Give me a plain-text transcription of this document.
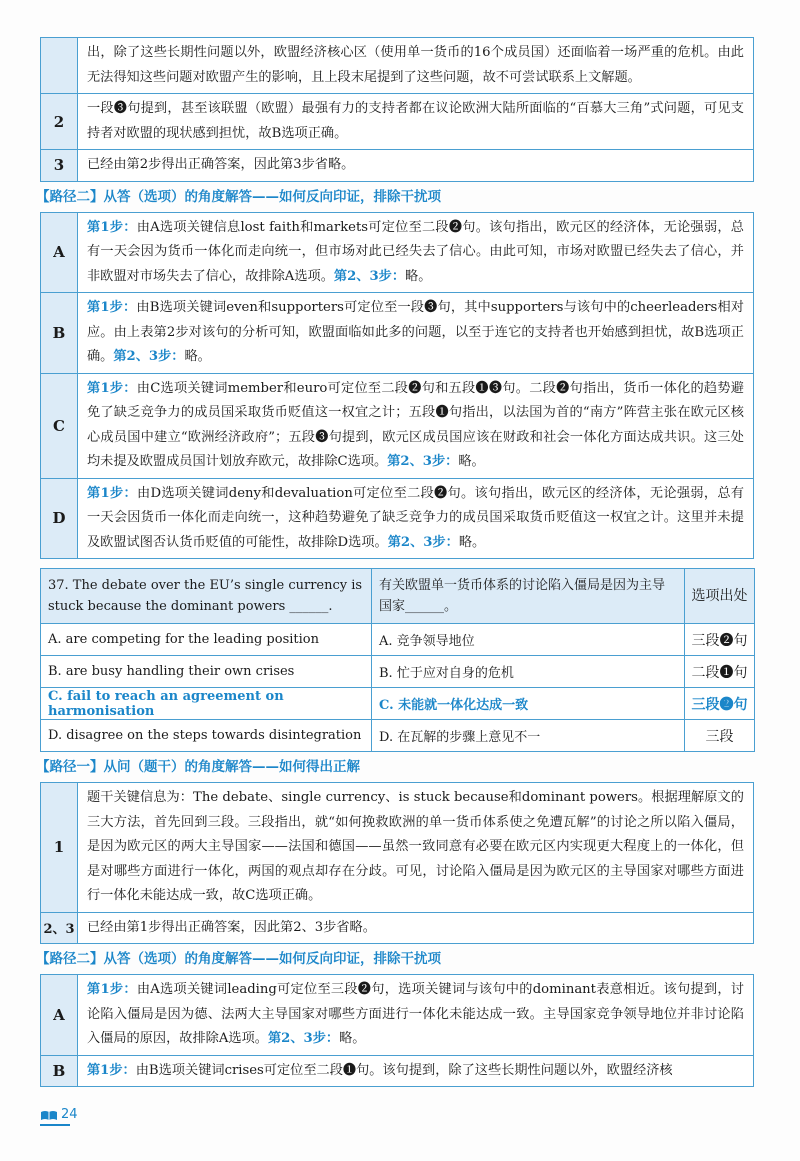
	出，除了这些长期性问题以外，欧盟经济核心区（使用单一货币的16个成员国）还面临着一场严重的危机。由此无法得知这些问题对欧盟产生的影响，且上段末尾提到了这些问题，故不可尝试联系上文解题。
2	一段❸句提到，甚至该联盟（欧盟）最强有力的支持者都在议论欧洲大陆所面临的“百慕大三角”式问题，可见支持者对欧盟的现状感到担忧，故B选项正确。
3	已经由第2步得出正确答案，因此第3步省略。
【路径二】从答（选项）的角度解答——如何反向印证，排除干扰项
A	第1步：由A选项关键信息lost faith和markets可定位至二段❷句。该句指出，欧元区的经济体，无论强弱，总有一天会因为货币一体化而走向统一，但市场对此已经失去了信心。由此可知，市场对欧盟已经失去了信心，并非欧盟对市场失去了信心，故排除A选项。第2、3步：略。
B	第1步：由B选项关键词even和supporters可定位至一段❸句，其中supporters与该句中的cheerleaders相对应。由上表第2步对该句的分析可知，欧盟面临如此多的问题，以至于连它的支持者也开始感到担忧，故B选项正确。第2、3步：略。
C	第1步：由C选项关键词member和euro可定位至二段❷句和五段❶❸句。二段❷句指出，货币一体化的趋势避免了缺乏竞争力的成员国采取货币贬值这一权宜之计；五段❶句指出，以法国为首的“南方”阵营主张在欧元区核心成员国中建立“欧洲经济政府”；五段❸句提到，欧元区成员国应该在财政和社会一体化方面达成共识。这三处均未提及欧盟成员国计划放弃欧元，故排除C选项。第2、3步：略。
D	第1步：由D选项关键词deny和devaluation可定位至二段❷句。该句指出，欧元区的经济体，无论强弱，总有一天会因货币一体化而走向统一，这种趋势避免了缺乏竞争力的成员国采取货币贬值这一权宜之计。这里并未提及欧盟试图否认货币贬值的可能性，故排除D选项。第2、3步：略。
37. The debate over the EU’s single currency is stuck because the dominant powers ______.	有关欧盟单一货币体系的讨论陷入僵局是因为主导国家______。	选项出处
A. are competing for the leading position	A. 竞争领导地位	三段❷句
B. are busy handling their own crises	B. 忙于应对自身的危机	二段❶句
C. fail to reach an agreement on harmonisation	C. 未能就一体化达成一致	三段❷句
D. disagree on the steps towards disintegration	D. 在瓦解的步骤上意见不一	三段
【路径一】从问（题干）的角度解答——如何得出正解
1	题干关键信息为：The debate、single currency、is stuck because和dominant powers。根据理解原文的三大方法，首先回到三段。三段指出，就“如何挽救欧洲的单一货币体系使之免遭瓦解”的讨论之所以陷入僵局，是因为欧元区的两大主导国家——法国和德国——虽然一致同意有必要在欧元区内实现更大程度上的一体化，但是对哪些方面进行一体化，两国的观点却存在分歧。可见，讨论陷入僵局是因为欧元区的主导国家对哪些方面进行一体化未能达成一致，故C选项正确。
2、3	已经由第1步得出正确答案，因此第2、3步省略。
【路径二】从答（选项）的角度解答——如何反向印证，排除干扰项
A	第1步：由A选项关键词leading可定位至三段❷句，选项关键词与该句中的dominant表意相近。该句提到，讨论陷入僵局是因为德、法两大主导国家对哪些方面进行一体化未能达成一致。主导国家竞争领导地位并非讨论陷入僵局的原因，故排除A选项。第2、3步：略。
B	第1步：由B选项关键词crises可定位至二段❶句。该句提到，除了这些长期性问题以外，欧盟经济核
24
